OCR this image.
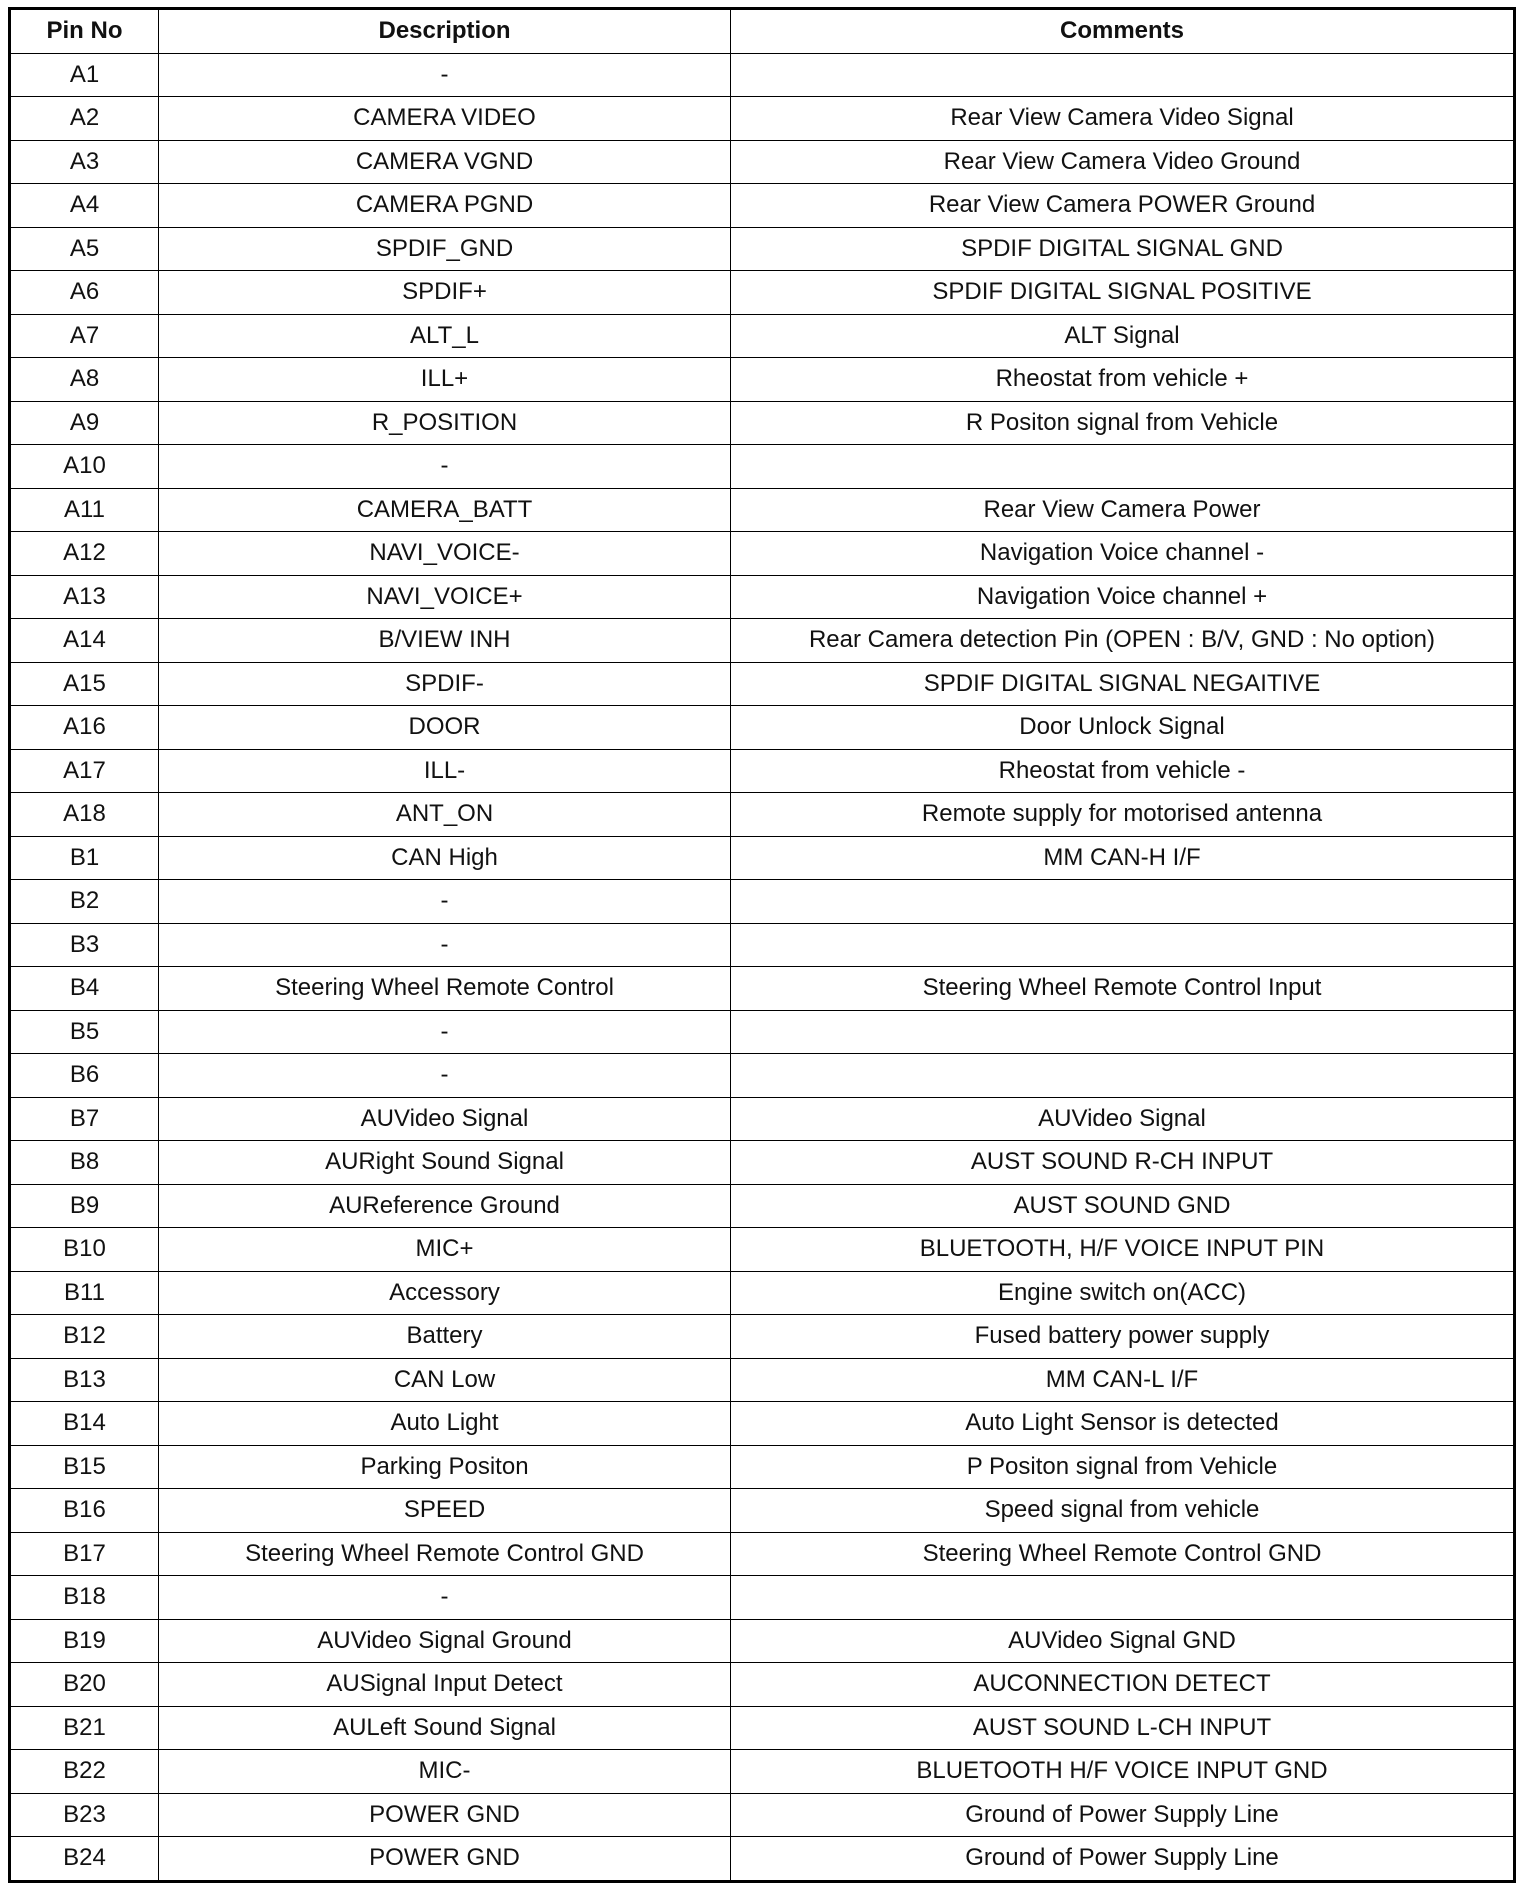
Pin No	Description	Comments
A1	-	
A2	CAMERA VIDEO	Rear View Camera Video Signal
A3	CAMERA VGND	Rear View Camera Video Ground
A4	CAMERA PGND	Rear View Camera POWER Ground
A5	SPDIF_GND	SPDIF DIGITAL SIGNAL GND
A6	SPDIF+	SPDIF DIGITAL SIGNAL POSITIVE
A7	ALT_L	ALT Signal
A8	ILL+	Rheostat from vehicle +
A9	R_POSITION	R Positon signal from Vehicle
A10	-	
A11	CAMERA_BATT	Rear View Camera Power
A12	NAVI_VOICE-	Navigation Voice channel -
A13	NAVI_VOICE+	Navigation Voice channel +
A14	B/VIEW INH	Rear Camera detection Pin (OPEN : B/V, GND : No option)
A15	SPDIF-	SPDIF DIGITAL SIGNAL NEGAITIVE
A16	DOOR	Door Unlock Signal
A17	ILL-	Rheostat from vehicle -
A18	ANT_ON	Remote supply for motorised antenna
B1	CAN High	MM CAN-H I/F
B2	-	
B3	-	
B4	Steering Wheel Remote Control	Steering Wheel Remote Control Input
B5	-	
B6	-	
B7	AUVideo Signal	AUVideo Signal
B8	AURight Sound Signal	AUST SOUND R-CH INPUT
B9	AUReference Ground	AUST SOUND GND
B10	MIC+	BLUETOOTH, H/F VOICE INPUT PIN
B11	Accessory	Engine switch on(ACC)
B12	Battery	Fused battery power supply
B13	CAN Low	MM CAN-L I/F
B14	Auto Light	Auto Light Sensor is detected
B15	Parking Positon	P Positon signal from Vehicle
B16	SPEED	Speed signal from vehicle
B17	Steering Wheel Remote Control GND	Steering Wheel Remote Control GND
B18	-	
B19	AUVideo Signal Ground	AUVideo Signal GND
B20	AUSignal Input Detect	AUCONNECTION DETECT
B21	AULeft Sound Signal	AUST SOUND L-CH INPUT
B22	MIC-	BLUETOOTH H/F VOICE INPUT GND
B23	POWER GND	Ground of Power Supply Line
B24	POWER GND	Ground of Power Supply Line
